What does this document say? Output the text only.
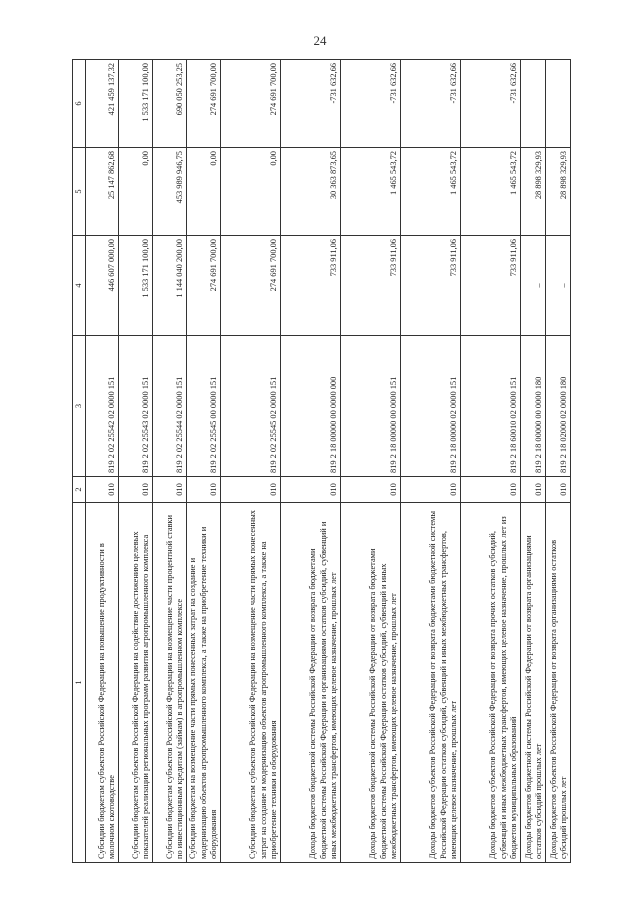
24
1	2	3	4	5	6
Субсидии бюджетам субъектов Российской Федерации на повышение продуктивности в молочном скотоводстве	010	819 2 02 25542 02 0000 151	446 607 000,00	25 147 862,68	421 459 137,32
Субсидии бюджетам субъектов Российской Федерации на содействие достижению целевых показателей реализации региональных программ развития агропромышленного комплекса	010	819 2 02 25543 02 0000 151	1 533 171 100,00	0,00	1 533 171 100,00
Субсидии бюджетам субъектов Российской Федерации на возмещение части процентной ставки по инвестиционным кредитам (займам) в агропромышленном комплексе	010	819 2 02 25544 02 0000 151	1 144 040 200,00	453 989 946,75	690 050 253,25
Субсидии бюджетам на возмещение части прямых понесенных затрат на создание и модернизацию объектов агропромышленного комплекса, а также на приобретение техники и оборудования	010	819 2 02 25545 00 0000 151	274 691 700,00	0,00	274 691 700,00
Субсидии бюджетам субъектов Российской Федерации на возмещение части прямых понесенных затрат на создание и модернизацию объектов агропромышленного комплекса, а также на приобретение техники и оборудования	010	819 2 02 25545 02 0000 151	274 691 700,00	0,00	274 691 700,00
Доходы бюджетов бюджетной системы Российской Федерации от возврата бюджетами бюджетной системы Российской Федерации и организациями остатков субсидий, субвенций и иных межбюджетных трансфертов, имеющих целевое назначение, прошлых лет	010	819 2 18 00000 00 0000 000	733 911,06	30 363 873,65	-731 632,66
Доходы бюджетов бюджетной системы Российской Федерации от возврата бюджетами бюджетной системы Российской Федерации остатков субсидий, субвенций и иных межбюджетных трансфертов, имеющих целевое назначение, прошлых лет	010	819 2 18 00000 00 0000 151	733 911,06	1 465 543,72	-731 632,66
Доходы бюджетов субъектов Российской Федерации от возврата бюджетами бюджетной системы Российской Федерации остатков субсидий, субвенций и иных межбюджетных трансфертов, имеющих целевое назначение, прошлых лет	010	819 2 18 00000 02 0000 151	733 911,06	1 465 543,72	-731 632,66
Доходы бюджетов субъектов Российской Федерации от возврата прочих остатков субсидий, субвенций и иных межбюджетных трансфертов, имеющих целевое назначение, прошлых лет из бюджетов муниципальных образований	010	819 2 18 60010 02 0000 151	733 911,06	1 465 543,72	-731 632,66
Доходы бюджетов бюджетной системы Российской Федерации от возврата организациями остатков субсидий прошлых лет	010	819 2 18 00000 00 0000 180	–	28 898 329,93	
Доходы бюджетов субъектов Российской Федерации от возврата организациями остатков субсидий прошлых лет	010	819 2 18 02000 02 0000 180	–	28 898 329,93	
